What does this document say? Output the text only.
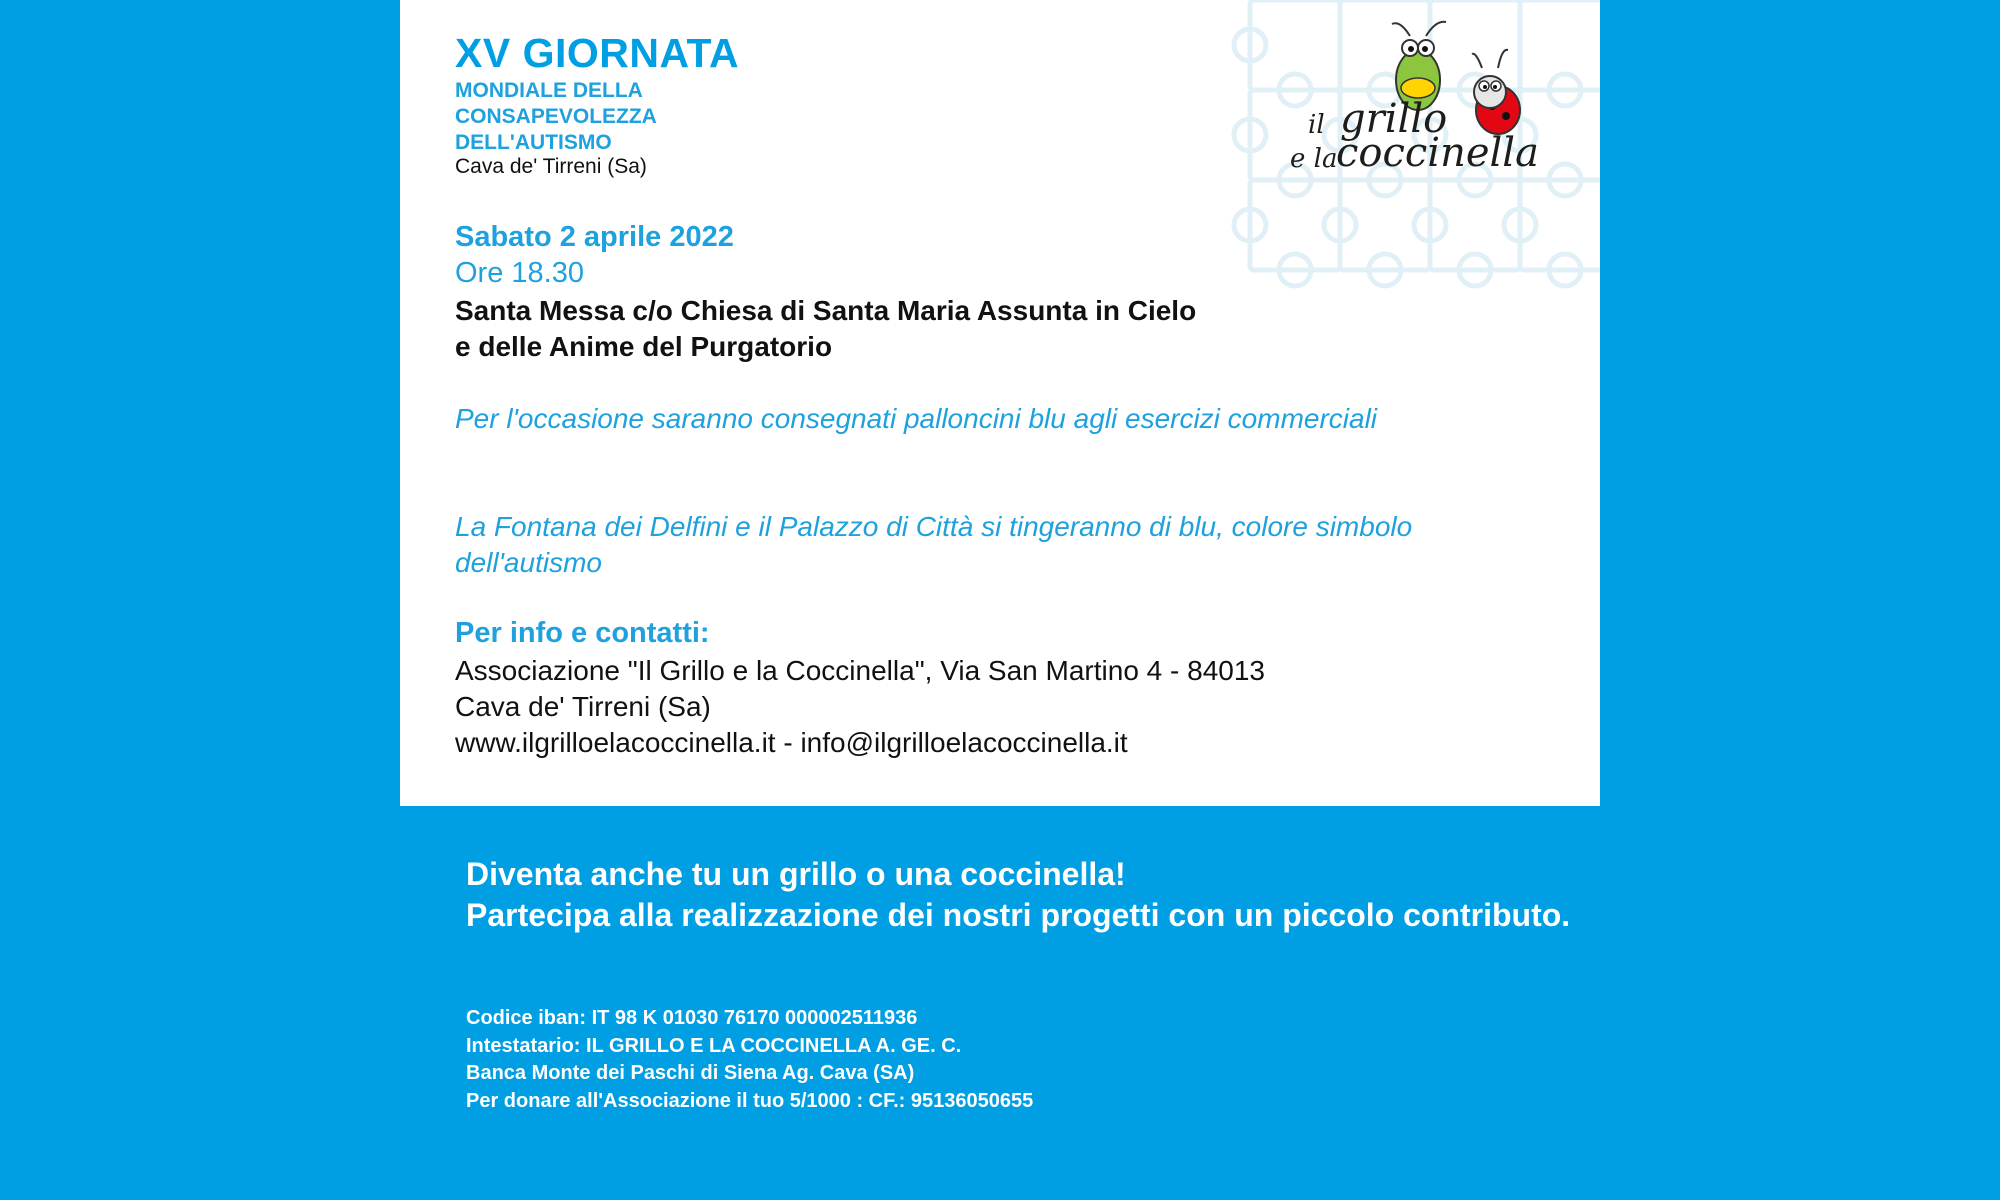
il grillo
e la
coccinella
XV GIORNATA
MONDIALE DELLA
CONSAPEVOLEZZA
DELL'AUTISMO
Cava de' Tirreni (Sa)
Sabato 2 aprile 2022
Ore 18.30
Santa Messa c/o Chiesa di Santa Maria Assunta in Cielo
e delle Anime del Purgatorio
Per l'occasione saranno consegnati palloncini blu agli esercizi commerciali
La Fontana dei Delfini e il Palazzo di Città si tingeranno di blu, colore simbolo dell'autismo
Per info e contatti:
Associazione "Il Grillo e la Coccinella", Via San Martino 4 - 84013
Cava de' Tirreni (Sa)
www.ilgrilloelacoccinella.it - info@ilgrilloelacoccinella.it
Diventa anche tu un grillo o una coccinella!
Partecipa alla realizzazione dei nostri progetti con un piccolo contributo.
Codice iban: IT 98 K 01030 76170 000002511936
Intestatario: IL GRILLO E LA COCCINELLA A. GE. C.
Banca Monte dei Paschi di Siena Ag. Cava (SA)
Per donare all'Associazione il tuo 5/1000 : CF.: 95136050655
